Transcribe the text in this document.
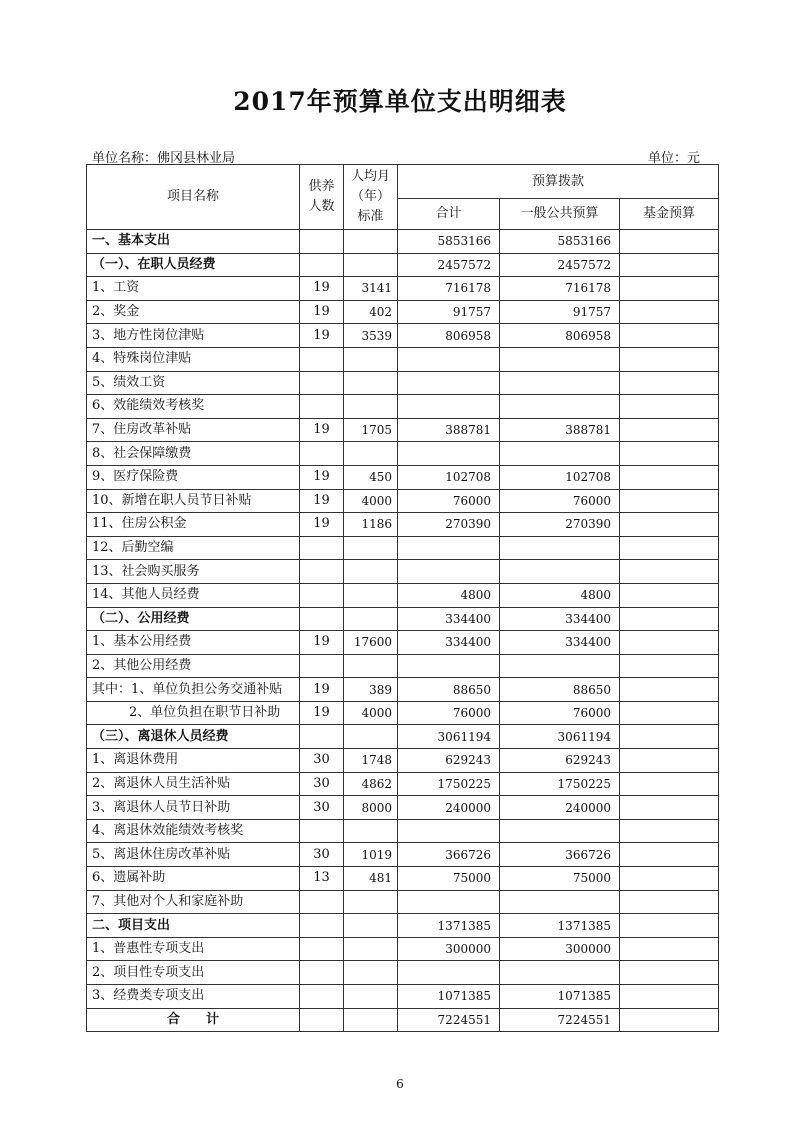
2017年预算单位支出明细表
单位名称：佛冈县林业局	单位：元
项目名称	供养人数	人均月（年）标准	预算拨款		
			合计	一般公共预算	基金预算
一、基本支出			5853166	5853166	
（一）、在职人员经费			2457572	2457572	
1、工资	19	3141	716178	716178	
2、奖金	19	402	91757	91757	
3、地方性岗位津贴	19	3539	806958	806958	
4、特殊岗位津贴					
5、绩效工资					
6、效能绩效考核奖					
7、住房改革补贴	19	1705	388781	388781	
8、社会保障缴费					
9、医疗保险费	19	450	102708	102708	
10、新增在职人员节日补贴	19	4000	76000	76000	
11、住房公积金	19	1186	270390	270390	
12、后勤空编					
13、社会购买服务					
14、其他人员经费			4800	4800	
（二）、公用经费			334400	334400	
1、基本公用经费	19	17600	334400	334400	
2、其他公用经费					
其中：1、单位负担公务交通补贴	19	389	88650	88650	
2、单位负担在职节日补助	19	4000	76000	76000	
（三）、离退休人员经费			3061194	3061194	
1、离退休费用	30	1748	629243	629243	
2、离退休人员生活补贴	30	4862	1750225	1750225	
3、离退休人员节日补助	30	8000	240000	240000	
4、离退休效能绩效考核奖					
5、离退休住房改革补贴	30	1019	366726	366726	
6、遗属补助	13	481	75000	75000	
7、其他对个人和家庭补助					
二、项目支出			1371385	1371385	
1、普惠性专项支出			300000	300000	
2、项目性专项支出					
3、经费类专项支出			1071385	1071385	
合　　计			7224551	7224551	
6
